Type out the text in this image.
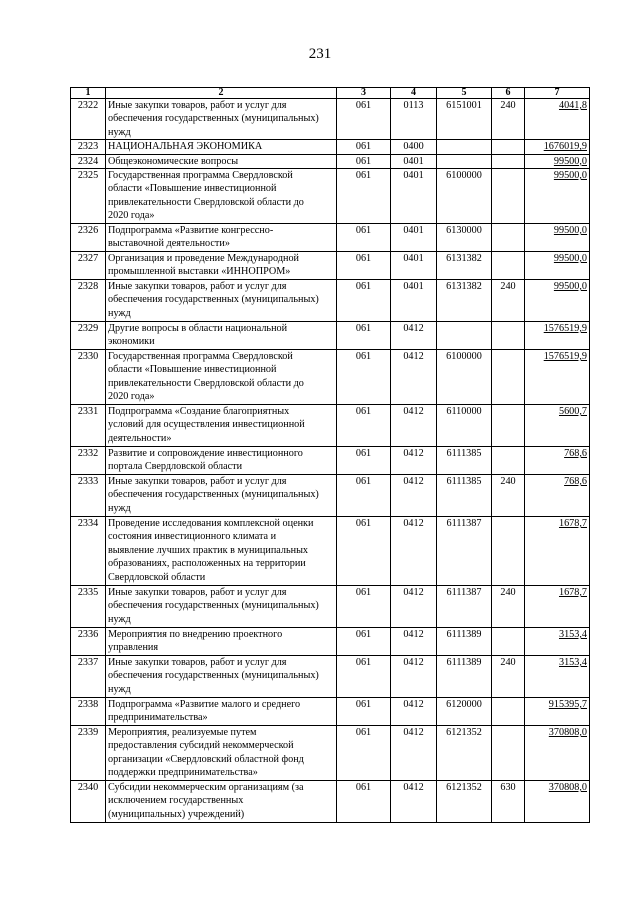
231
1	2	3	4	5	6	7
2322	Иные закупки товаров, работ и услуг для
обеспечения государственных (муниципальных)
нужд	061	0113	6151001	240	4041,8
2323	НАЦИОНАЛЬНАЯ ЭКОНОМИКА	061	0400			1676019,9
2324	Общеэкономические вопросы	061	0401			99500,0
2325	Государственная программа Свердловской
области «Повышение инвестиционной
привлекательности Свердловской области до
2020 года»	061	0401	6100000		99500,0
2326	Подпрограмма «Развитие конгрессно-
выставочной деятельности»	061	0401	6130000		99500,0
2327	Организация и проведение Международной
промышленной выставки «ИННОПРОМ»	061	0401	6131382		99500,0
2328	Иные закупки товаров, работ и услуг для
обеспечения государственных (муниципальных)
нужд	061	0401	6131382	240	99500,0
2329	Другие вопросы в области национальной
экономики	061	0412			1576519,9
2330	Государственная программа Свердловской
области «Повышение инвестиционной
привлекательности Свердловской области до
2020 года»	061	0412	6100000		1576519,9
2331	Подпрограмма «Создание благоприятных
условий для осуществления инвестиционной
деятельности»	061	0412	6110000		5600,7
2332	Развитие и сопровождение инвестиционного
портала Свердловской области	061	0412	6111385		768,6
2333	Иные закупки товаров, работ и услуг для
обеспечения государственных (муниципальных)
нужд	061	0412	6111385	240	768,6
2334	Проведение исследования комплексной оценки
состояния инвестиционного климата и
выявление лучших практик в муниципальных
образованиях, расположенных на территории
Свердловской области	061	0412	6111387		1678,7
2335	Иные закупки товаров, работ и услуг для
обеспечения государственных (муниципальных)
нужд	061	0412	6111387	240	1678,7
2336	Мероприятия по внедрению проектного
управления	061	0412	6111389		3153,4
2337	Иные закупки товаров, работ и услуг для
обеспечения государственных (муниципальных)
нужд	061	0412	6111389	240	3153,4
2338	Подпрограмма «Развитие малого и среднего
предпринимательства»	061	0412	6120000		915395,7
2339	Мероприятия, реализуемые путем
предоставления субсидий некоммерческой
организации «Свердловский областной фонд
поддержки предпринимательства»	061	0412	6121352		370808,0
2340	Субсидии некоммерческим организациям (за
исключением государственных
(муниципальных) учреждений)	061	0412	6121352	630	370808,0
